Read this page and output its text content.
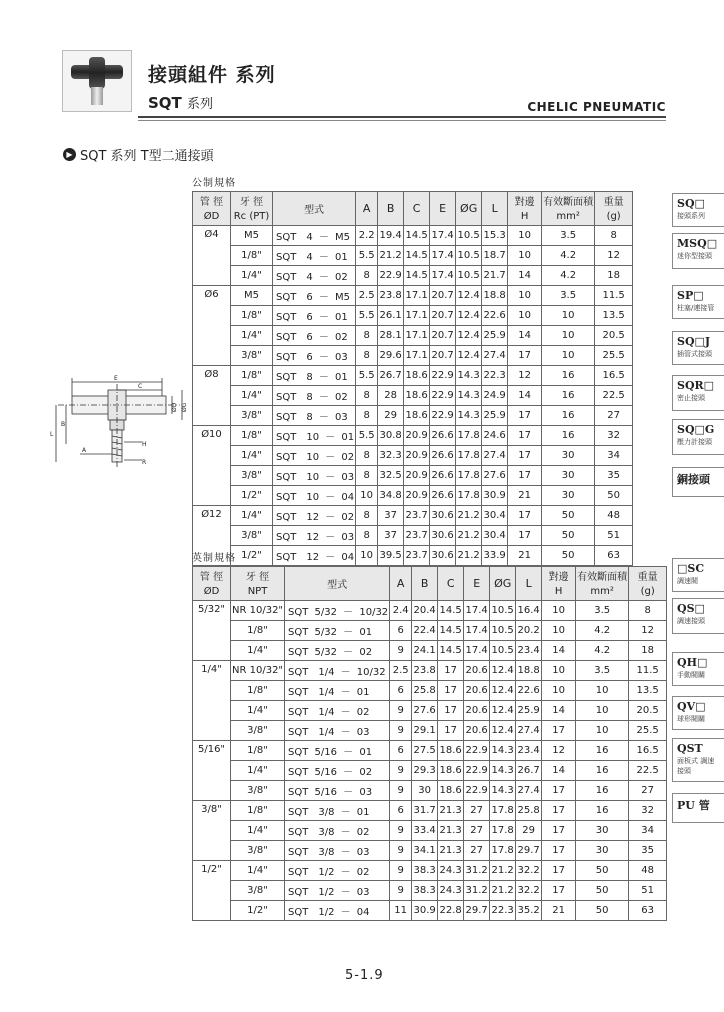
接頭組件 系列
SQT 系列	CHELIC PNEUMATIC
▶ SQT 系列 T型二通接頭
E
C
ØD ØG
L
B
A
H
R
公制規格
管 徑	牙 徑	型式	A	B	C	E	ØG	L	對邊	有效斷面積	重量
ØD	Rc (PT)								H	mm²	(g)
Ø4	M5	SQT　4 － M5	2.2	19.4	14.5	17.4	10.5	15.3	10	3.5	8
	1/8"	SQT　4 － 01	5.5	21.2	14.5	17.4	10.5	18.7	10	4.2	12
	1/4"	SQT　4 － 02	8	22.9	14.5	17.4	10.5	21.7	14	4.2	18
Ø6	M5	SQT　6 － M5	2.5	23.8	17.1	20.7	12.4	18.8	10	3.5	11.5
	1/8"	SQT　6 － 01	5.5	26.1	17.1	20.7	12.4	22.6	10	10	13.5
	1/4"	SQT　6 － 02	8	28.1	17.1	20.7	12.4	25.9	14	10	20.5
	3/8"	SQT　6 － 03	8	29.6	17.1	20.7	12.4	27.4	17	10	25.5
Ø8	1/8"	SQT　8 － 01	5.5	26.7	18.6	22.9	14.3	22.3	12	16	16.5
	1/4"	SQT　8 － 02	8	28	18.6	22.9	14.3	24.9	14	16	22.5
	3/8"	SQT　8 － 03	8	29	18.6	22.9	14.3	25.9	17	16	27
Ø10	1/8"	SQT　10 － 01	5.5	30.8	20.9	26.6	17.8	24.6	17	16	32
	1/4"	SQT　10 － 02	8	32.3	20.9	26.6	17.8	27.4	17	30	34
	3/8"	SQT　10 － 03	8	32.5	20.9	26.6	17.8	27.6	17	30	35
	1/2"	SQT　10 － 04	10	34.8	20.9	26.6	17.8	30.9	21	30	50
Ø12	1/4"	SQT　12 － 02	8	37	23.7	30.6	21.2	30.4	17	50	48
	3/8"	SQT　12 － 03	8	37	23.7	30.6	21.2	30.4	17	50	51
	1/2"	SQT　12 － 04	10	39.5	23.7	30.6	21.2	33.9	21	50	63
英制規格
管 徑	牙 徑	型式	A	B	C	E	ØG	L	對邊	有效斷面積	重量
ØD	NPT								H	mm²	(g)
5/32"	NR 10/32"	SQT 5/32 － 10/32	2.4	20.4	14.5	17.4	10.5	16.4	10	3.5	8
	1/8"	SQT 5/32 － 01	6	22.4	14.5	17.4	10.5	20.2	10	4.2	12
	1/4"	SQT 5/32 － 02	9	24.1	14.5	17.4	10.5	23.4	14	4.2	18
1/4"	NR 10/32"	SQT　1/4 － 10/32	2.5	23.8	17	20.6	12.4	18.8	10	3.5	11.5
	1/8"	SQT　1/4 － 01	6	25.8	17	20.6	12.4	22.6	10	10	13.5
	1/4"	SQT　1/4 － 02	9	27.6	17	20.6	12.4	25.9	14	10	20.5
	3/8"	SQT　1/4 － 03	9	29.1	17	20.6	12.4	27.4	17	10	25.5
5/16"	1/8"	SQT 5/16 － 01	6	27.5	18.6	22.9	14.3	23.4	12	16	16.5
	1/4"	SQT 5/16 － 02	9	29.3	18.6	22.9	14.3	26.7	14	16	22.5
	3/8"	SQT 5/16 － 03	9	30	18.6	22.9	14.3	27.4	17	16	27
3/8"	1/8"	SQT　3/8 － 01	6	31.7	21.3	27	17.8	25.8	17	16	32
	1/4"	SQT　3/8 － 02	9	33.4	21.3	27	17.8	29	17	30	34
	3/8"	SQT　3/8 － 03	9	34.1	21.3	27	17.8	29.7	17	30	35
1/2"	1/4"	SQT　1/2 － 02	9	38.3	24.3	31.2	21.2	32.2	17	50	48
	3/8"	SQT　1/2 － 03	9	38.3	24.3	31.2	21.2	32.2	17	50	51
	1/2"	SQT　1/2 － 04	11	30.9	22.8	29.7	22.3	35.2	21	50	63
SQ□
接頭系列
MSQ□
迷你型接頭
SP□
柱塞/連接管
SQ□J
插管式接頭
SQR□
密止接頭
SQ□G
壓力計接頭
銅接頭
□SC
調速閥
QS□
調速接頭
QH□
手動閥關
QV□
球形閥關
QST
面板式 調速接頭
PU 管
5-1.9
